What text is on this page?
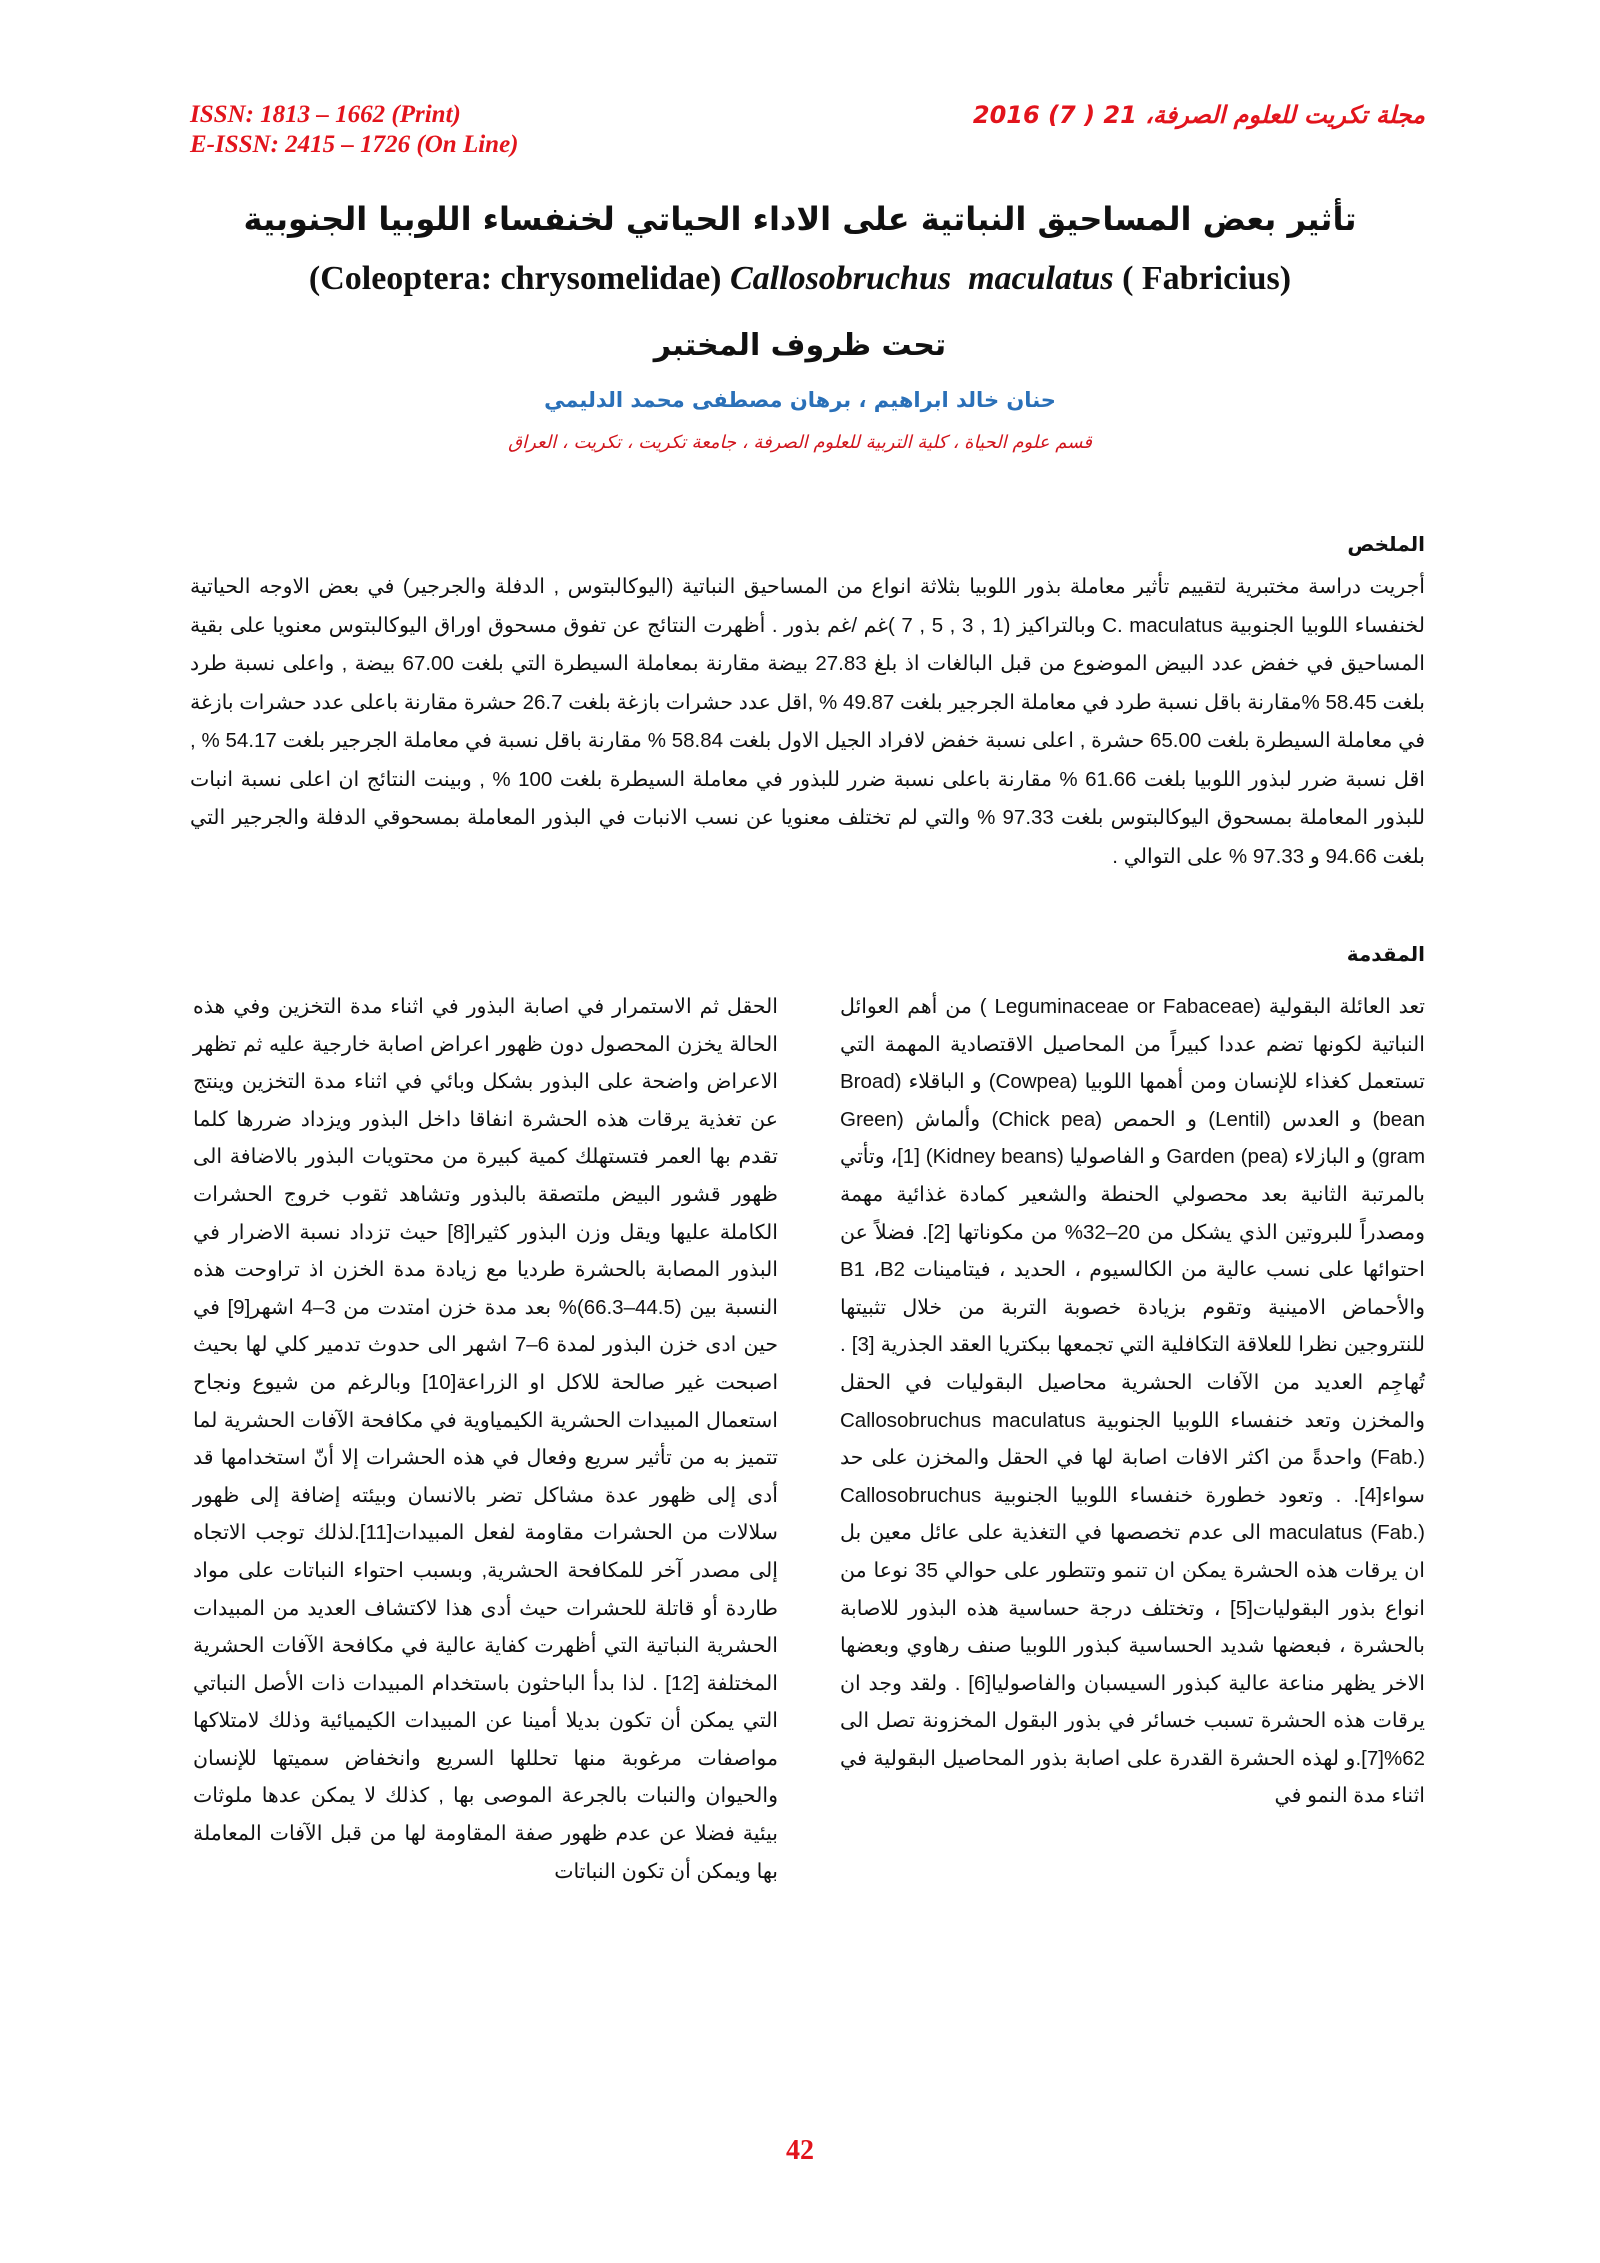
ISSN: 1813 – 1662 (Print)
E-ISSN: 2415 – 1726 (On Line)
مجلة تكريت للعلوم الصرفة، 21 ( 7) 2016
تأثير بعض المساحيق النباتية على الاداء الحياتي لخنفساء اللوبيا الجنوبية
(Coleoptera: chrysomelidae) Callosobruchus  maculatus ( Fabricius)
تحت ظروف المختبر
حنان خالد ابراهيم ، برهان مصطفى محمد الدليمي
قسم علوم الحياة ، كلية التربية للعلوم الصرفة ، جامعة تكريت ، تكريت ، العراق
الملخص
أجريت دراسة مختبرية لتقييم تأثير معاملة بذور اللوبيا بثلاثة انواع من المساحيق النباتية (اليوكالبتوس , الدفلة والجرجير) في بعض الاوجه الحياتية لخنفساء اللوبيا الجنوبية C. maculatus وبالتراكيز (1 , 3 , 5 , 7 )غم /غم بذور . أظهرت النتائج عن تفوق مسحوق اوراق اليوكالبتوس معنويا على بقية المساحيق في خفض عدد البيض الموضوع من قبل البالغات اذ بلغ 27.83 بيضة مقارنة بمعاملة السيطرة التي بلغت 67.00 بيضة , واعلى نسبة طرد بلغت 58.45 %مقارنة باقل نسبة طرد في معاملة الجرجير بلغت 49.87 % ,اقل عدد حشرات بازغة بلغت 26.7 حشرة مقارنة باعلى عدد حشرات بازغة في معاملة السيطرة بلغت 65.00 حشرة , اعلى نسبة خفض لافراد الجيل الاول بلغت 58.84 % مقارنة باقل نسبة في معاملة الجرجير بلغت 54.17 % , اقل نسبة ضرر لبذور اللوبيا بلغت 61.66 % مقارنة باعلى نسبة ضرر للبذور في معاملة السيطرة بلغت 100 % , وبينت النتائج ان اعلى نسبة انبات للبذور المعاملة بمسحوق اليوكالبتوس بلغت 97.33 % والتي لم تختلف معنويا عن نسب الانبات في البذور المعاملة بمسحوقي الدفلة والجرجير التي بلغت 94.66 و 97.33 % على التوالي .
المقدمة
تعد العائلة البقولية (Leguminaceae or Fabaceae ) من أهم العوائل النباتية لكونها تضم عددا كبيراً من المحاصيل الاقتصادية المهمة التي تستعمل كغذاء للإنسان ومن أهمها اللوبيا (Cowpea) و الباقلاء (Broad bean) و العدس (Lentil) و الحمص (Chick pea) وألماش (Green gram) و البازلاء Garden (pea) و الفاصوليا (Kidney beans) [1]، وتأتي بالمرتبة الثانية بعد محصولي الحنطة والشعير كمادة غذائية مهمة ومصدراً للبروتين الذي يشكل من 20–32% من مكوناتها [2]. فضلاً عن احتوائها على نسب عالية من الكالسيوم ، الحديد ، فيتامينات B1 ،B2 والأحماض الامينية وتقوم بزيادة خصوبة التربة من خلال تثبيتها للنتروجين نظرا للعلاقة التكافلية التي تجمعها ببكتريا العقد الجذرية [3] . تُهاجِم العديد من الآفات الحشرية محاصيل البقوليات في الحقل والمخزن وتعد خنفساء اللوبيا الجنوبية Callosobruchus maculatus (Fab.) واحدةً من اكثر الافات اصابة لها في الحقل والمخزن على حد سواء[4]. . وتعود خطورة خنفساء اللوبيا الجنوبية Callosobruchus maculatus (Fab.) الى عدم تخصصها في التغذية على عائل معين بل ان يرقات هذه الحشرة يمكن ان تنمو وتتطور على حوالي 35 نوعا من انواع بذور البقوليات[5] ، وتختلف درجة حساسية هذه البذور للاصابة بالحشرة ، فبعضها شديد الحساسية كبذور اللوبيا صنف رهاوي وبعضها الاخر يظهر مناعة عالية كبذور السيسبان والفاصوليا[6] . ولقد وجد ان يرقات هذه الحشرة تسبب خسائر في بذور البقول المخزونة تصل الى 62%[7].و لهذه الحشرة القدرة على اصابة بذور المحاصيل البقولية في اثناء مدة النمو في
الحقل ثم الاستمرار في اصابة البذور في اثناء مدة التخزين وفي هذه الحالة يخزن المحصول دون ظهور اعراض اصابة خارجية عليه ثم تظهر الاعراض واضحة على البذور بشكل وبائي في اثناء مدة التخزين وينتج عن تغذية يرقات هذه الحشرة انفاقا داخل البذور ويزداد ضررها كلما تقدم بها العمر فتستهلك كمية كبيرة من محتويات البذور بالاضافة الى ظهور قشور البيض ملتصقة بالبذور وتشاهد ثقوب خروج الحشرات الكاملة عليها ويقل وزن البذور كثيرا[8] حيث تزداد نسبة الاضرار في البذور المصابة بالحشرة طرديا مع زيادة مدة الخزن اذ تراوحت هذه النسبة بين (44.5–66.3)% بعد مدة خزن امتدت من 3–4 اشهر[9] في حين ادى خزن البذور لمدة 6–7 اشهر الى حدوث تدمير كلي لها بحيث اصبحت غير صالحة للاكل او الزراعة[10] وبالرغم من شيوع ونجاح استعمال المبيدات الحشرية الكيمياوية في مكافحة الآفات الحشرية لما تتميز به من تأثير سريع وفعال في هذه الحشرات إلا أنّ استخدامها قد أدى إلى ظهور عدة مشاكل تضر بالانسان وبيئته إضافة إلى ظهور سلالات من الحشرات مقاومة لفعل المبيدات[11].لذلك توجب الاتجاه إلى مصدر آخر للمكافحة الحشرية, وبسبب احتواء النباتات على مواد طاردة أو قاتلة للحشرات حيث أدى هذا لاكتشاف العديد من المبيدات الحشرية النباتية التي أظهرت كفاية عالية في مكافحة الآفات الحشرية المختلفة [12] . لذا بدأ الباحثون باستخدام المبيدات ذات الأصل النباتي التي يمكن أن تكون بديلا أمينا عن المبيدات الكيميائية وذلك لامتلاكها مواصفات مرغوبة منها تحللها السريع وانخفاض سميتها للإنسان والحيوان والنبات بالجرعة الموصى بها , كذلك لا يمكن عدها ملوثات بيئية فضلا عن عدم ظهور صفة المقاومة لها من قبل الآفات المعاملة بها ويمكن أن تكون النباتات
42
